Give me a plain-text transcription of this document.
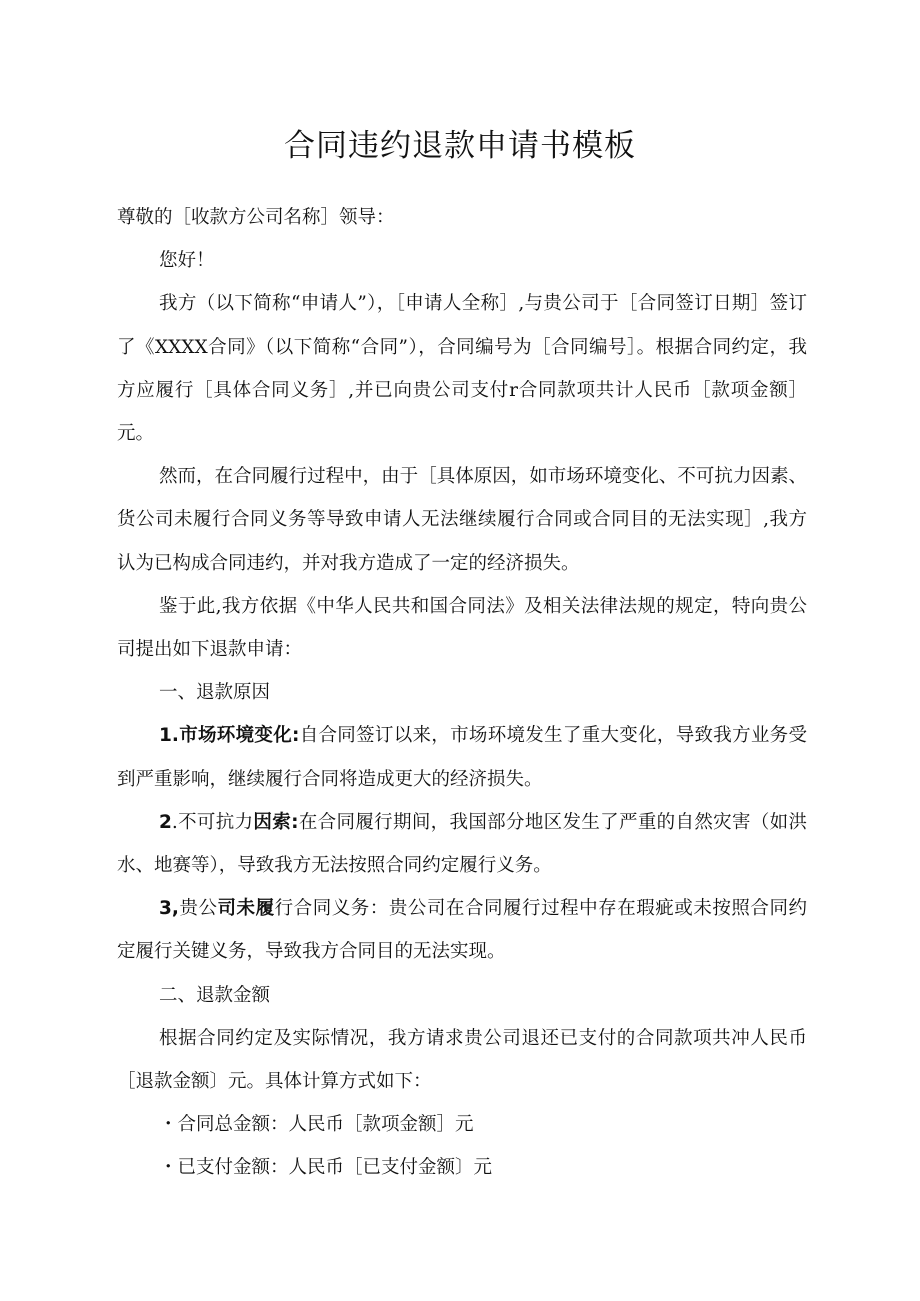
合同违约退款申请书模板

尊敬的［收款方公司名称］领导：

您好！

我方（以下简称“申请人”），［申请人全称］,与贵公司于［合同签订日期］签订了《XXXX合同》（以下简称“合同”），合同编号为［合同编号］。根据合同约定，我方应履行［具体合同义务］,并已向贵公司支付r合同款项共计人民币［款项金额］元。

然而，在合同履行过程中，由于［具体原因，如市场环境变化、不可抗力因素、货公司未履行合同义务等导致申请人无法继续履行合同或合同目的无法实现］,我方认为已构成合同违约，并对我方造成了一定的经济损失。

鉴于此,我方依据《中华人民共和国合同法》及相关法律法规的规定，特向贵公司提出如下退款申请：

一、退款原因

1.市场环境变化:自合同签订以来，市场环境发生了重大变化，导致我方业务受到严重影响，继续履行合同将造成更大的经济损失。

2.不可抗力因索:在合同履行期间，我国部分地区发生了严重的自然灾害（如洪水、地赛等），导致我方无法按照合同约定履行义务。

3,贵公司未履行合同义务：贵公司在合同履行过程中存在瑕疵或未按照合同约定履行关键义务，导致我方合同目的无法实现。

二、退款金额

根据合同约定及实际情况，我方请求贵公司退还已支付的合同款项共冲人民币［退款金额〕元。具体计算方式如下：

・合同总金额：人民币［款项金额］元

・已支付金额：人民币［已支付金额〕元
